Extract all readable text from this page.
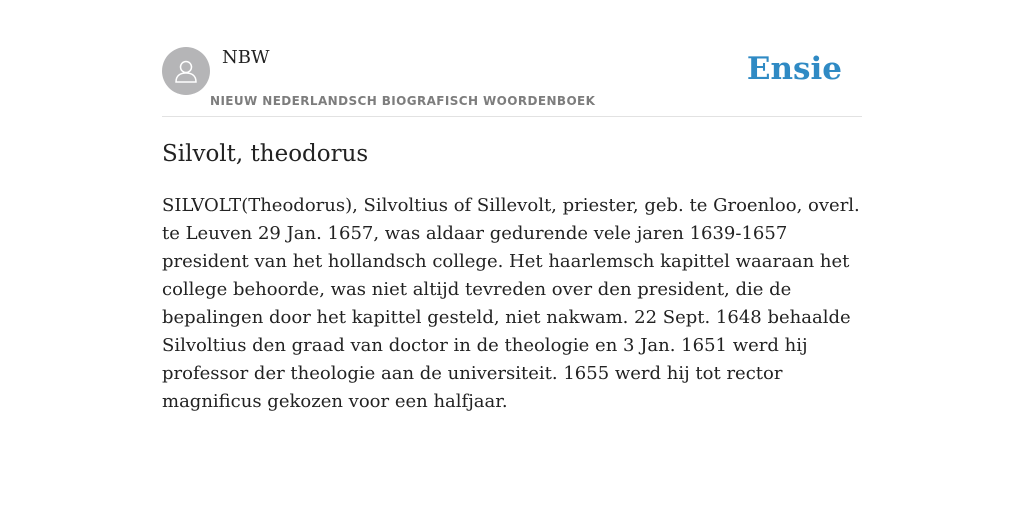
NBW
NIEUW NEDERLANDSCH BIOGRAFISCH WOORDENBOEK
Ensie
Silvolt, theodorus

SILVOLT(Theodorus), Silvoltius of Sillevolt, priester, geb. te Groenloo, overl. te Leuven 29 Jan. 1657, was aldaar gedurende vele jaren 1639-1657 president van het hollandsch college. Het haarlemsch kapittel waaraan het college behoorde, was niet altijd tevreden over den president, die de bepalingen door het kapittel gesteld, niet nakwam. 22 Sept. 1648 behaalde Silvoltius den graad van doctor in de theologie en 3 Jan. 1651 werd hij professor der theologie aan de universiteit. 1655 werd hij tot rector magnificus gekozen voor een halfjaar.
